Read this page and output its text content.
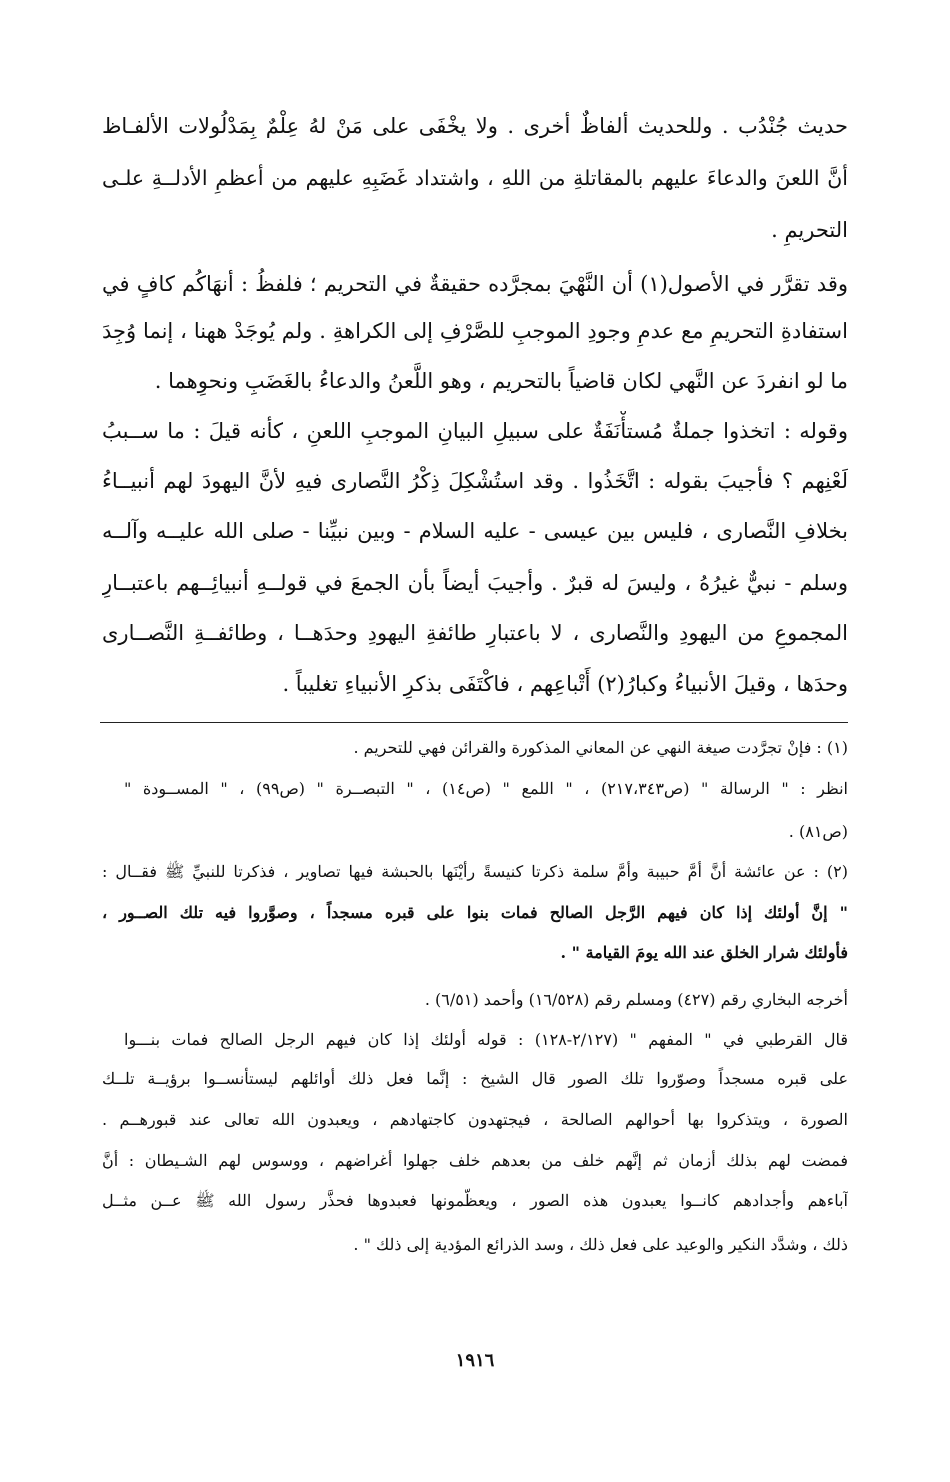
حديث جُنْدُب . وللحديث ألفاظٌ أخرى . ولا يخْفَى على مَنْ لهُ عِلْمٌ بِمَدْلُولات الألفـاظ
أنَّ اللعنَ والدعاءَ عليهم بالمقاتلةِ من اللهِ ، واشتداد غَضَبِهِ عليهم من أعظمِ الأدلــةِ علـى
التحريمِ .
وقد تقرَّر في الأصول(١) أن النَّهْيَ بمجرَّده حقيقةٌ في التحريم ؛ فلفظُ : أنهَاكُم كافٍ في
استفادةِ التحريمِ مع عدمِ وجودِ الموجبِ للصَّرْفِ إلى الكراهةِ . ولم يُوجَدْ ههنا ، إنما وُجِدَ
ما لو انفردَ عن النَّهي لكان قاضياً بالتحريم ، وهو اللَّعنُ والدعاءُ بالغَضَبِ ونحوِهما .
وقوله : اتخذوا جملةٌ مُستأْنَفَةٌ على سبيلِ البيانِ الموجبِ اللعنِ ، كأنه قيلَ : ما ســببُ
لَعْنِهم ؟ فأجيبَ بقوله : اتَّخَذُوا . وقد استُشْكِلَ ذِكْرُ النَّصارى فيهِ لأنَّ اليهودَ لهم أنبيــاءُ
بخلافِ النَّصارى ، فليس بين عيسى - عليه السلام - وبين نبيِّنا - صلى الله عليــه وآلــه
وسلم - نبيٌّ غيرُهُ ، وليسَ له قبرٌ . وأجيبَ أيضاً بأن الجمعَ في قولــهِ أنبيائِــهم باعتبــارِ
المجموعِ من اليهودِ والنَّصارى ، لا باعتبارِ طائفةِ اليهودِ وحدَهــا ، وطائفــةِ النَّصــارى
وحدَها ، وقيلَ الأنبياءُ وكبارُ(٢) أَتْباعِهم ، فاكْتَفَى بذكرِ الأنبياءِ تغليباً .
(١) : فإنْ تجرَّدت صيغة النهي عن المعاني المذكورة والقرائن فهي للتحريم .
انظر : " الرسالة " (ص٢١٧،٣٤٣) ، " اللمع " (ص١٤) ، " التبصــرة " (ص٩٩) ، " المســودة "
(ص٨١) .
(٢) : عن عائشة أنَّ أمَّ حبيبة وأمَّ سلمة ذكرتا كنيسةً رأيْنَها بالحبشة فيها تصاوير ، فذكرتا للنبيِّ ﷺ فقــال :
" إنَّ أولئك إذا كان فيهم الرَّجل الصالح فمات بنوا على قبره مسجداً ، وصوَّروا فيه تلك الصــور ،
فأولئك شرار الخلق عند الله يومَ القيامة " .
أخرجه البخاري رقم (٤٢٧) ومسلم رقم (١٦/٥٢٨) وأحمد (٦/٥١) .
قال القرطبي في " المفهم " (٢/١٢٧-١٢٨) : قوله أولئك إذا كان فيهم الرجل الصالح فمات بنـــوا
على قبره مسجداً وصوّروا تلك الصور قال الشيخ : إنَّما فعل ذلك أوائلهم ليستأنســوا برؤيــة تلــك
الصورة ، ويتذكروا بها أحوالهم الصالحة ، فيجتهدون كاجتهادهم ، ويعبدون الله تعالى عند قبورهــم .
فمضت لهم بذلك أزمان ثم إنَّهم خلف من بعدهم خلف جهلوا أغراضهم ، ووسوس لهم الشـيطان : أنَّ
آباءهم وأجدادهم كانــوا يعبدون هذه الصور ، ويعظّمونها فعبدوها فحذَّر رسول الله ﷺ عــن مثــل
ذلك ، وشدَّد النكير والوعيد على فعل ذلك ، وسد الذرائع المؤدية إلى ذلك " .
١٩١٦
